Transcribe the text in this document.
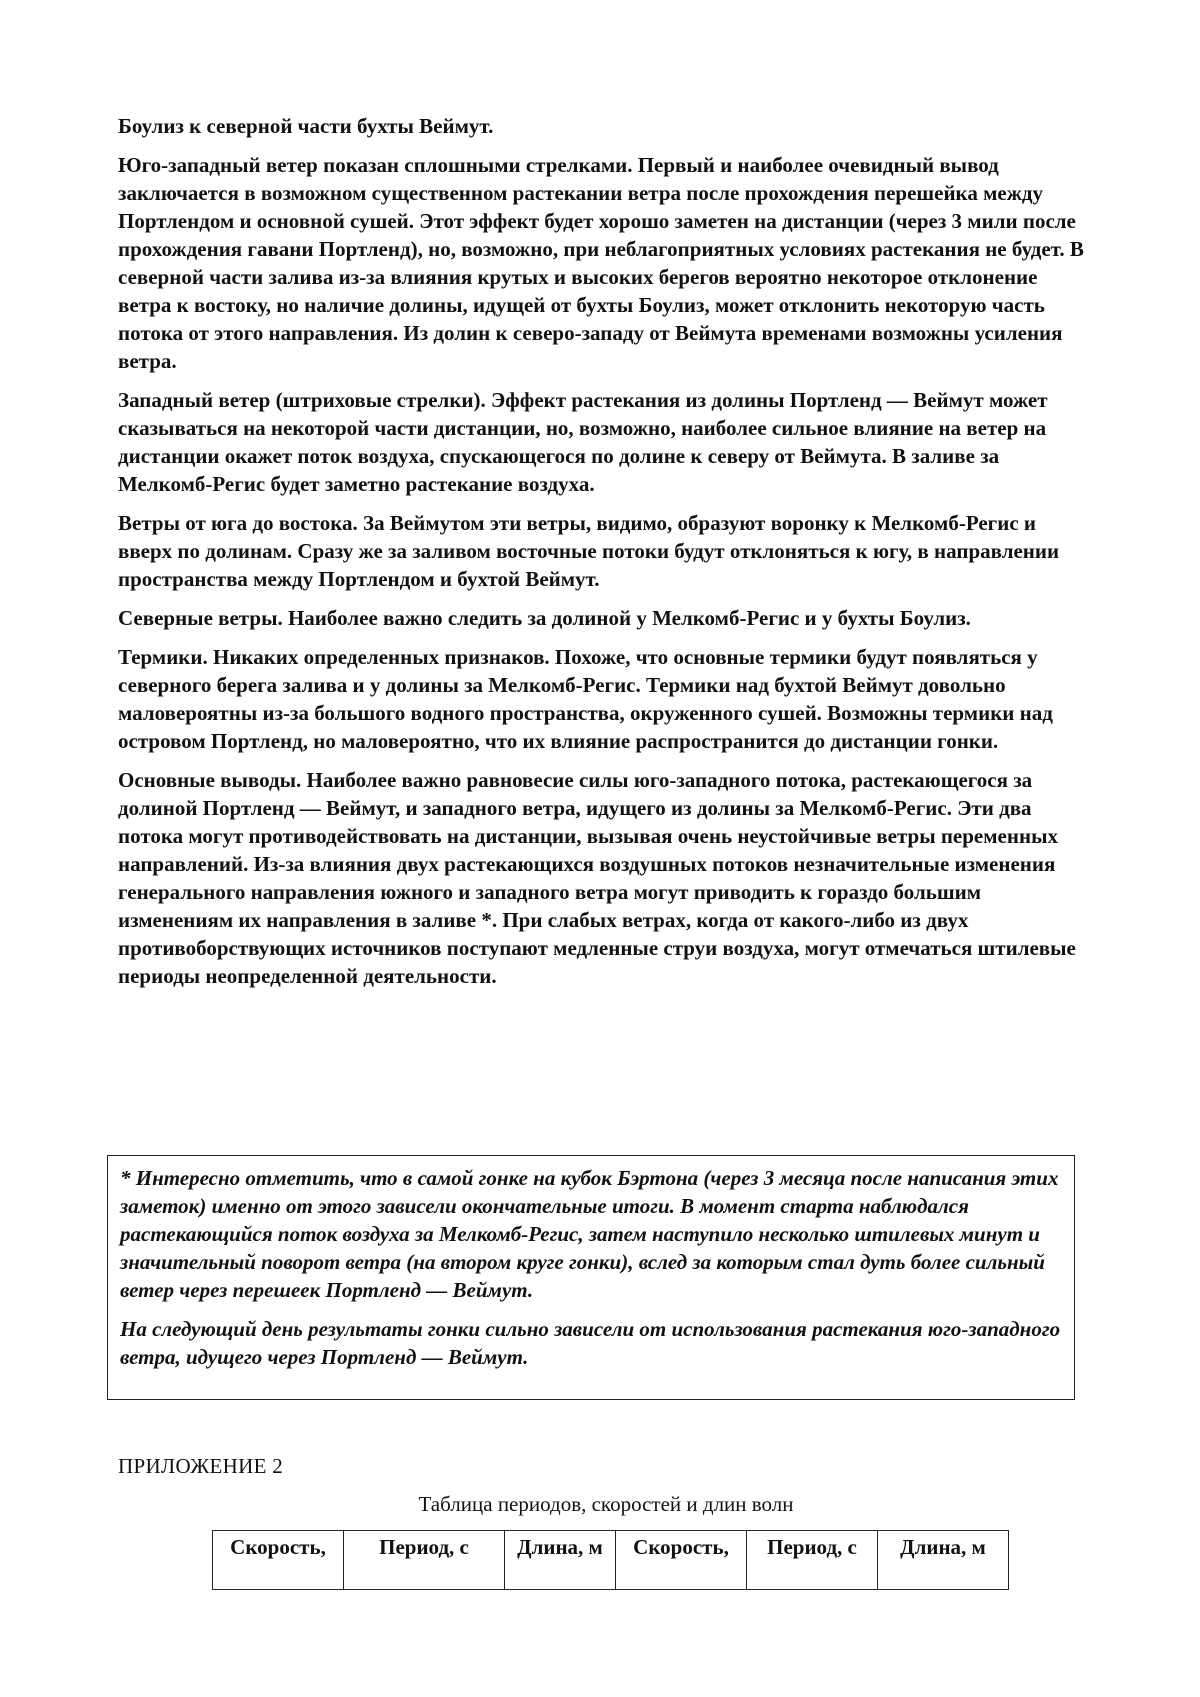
Боулиз к северной части бухты Веймут.

Юго-западный ветер показан сплошными стрелками. Первый и наиболее очевидный вывод заключается в возможном существенном растекании ветра после прохождения перешейка между Портлендом и основной сушей. Этот эффект будет хорошо заметен на дистанции (через 3 мили после прохождения гавани Портленд), но, возможно, при неблагоприятных условиях растекания не будет. В северной части залива из-за влияния крутых и высоких берегов вероятно некоторое отклонение ветра к востоку, но наличие долины, идущей от бухты Боулиз, может отклонить некоторую часть потока от этого направления. Из долин к северо-западу от Веймута временами возможны усиления ветра.

Западный ветер (штриховые стрелки). Эффект растекания из долины Портленд — Веймут может сказываться на некоторой части дистанции, но, возможно, наиболее сильное влияние на ветер на дистанции окажет поток воздуха, спускающегося по долине к северу от Веймута. В заливе за Мелкомб-Регис будет заметно растекание воздуха.

Ветры от юга до востока. За Веймутом эти ветры, видимо, образуют воронку к Мелкомб-Регис и вверх по долинам. Сразу же за заливом восточные потоки будут отклоняться к югу, в направлении пространства между Портлендом и бухтой Веймут.

Северные ветры. Наиболее важно следить за долиной у Мелкомб-Регис и у бухты Боулиз.

Термики. Никаких определенных признаков. Похоже, что основные термики будут появляться у северного берега залива и у долины за Мелкомб-Регис. Термики над бухтой Веймут довольно маловероятны из-за большого водного пространства, окруженного сушей. Возможны термики над островом Портленд, но маловероятно, что их влияние распространится до дистанции гонки.

Основные выводы. Наиболее важно равновесие силы юго-западного потока, растекающегося за долиной Портленд — Веймут, и западного ветра, идущего из долины за Мелкомб-Регис. Эти два потока могут противодействовать на дистанции, вызывая очень неустойчивые ветры переменных направлений. Из-за влияния двух растекающихся воздушных потоков незначительные изменения генерального направления южного и западного ветра могут приводить к гораздо большим изменениям их направления в заливе *. При слабых ветрах, когда от какого-либо из двух противоборствующих источников поступают медленные струи воздуха, могут отмечаться штилевые периоды неопределенной деятельности.

* Интересно отметить, что в самой гонке на кубок Бэртона (через 3 месяца после написания этих заметок) именно от этого зависели окончательные итоги. В момент старта наблюдался растекающийся поток воздуха за Мелкомб-Регис, затем наступило несколько штилевых минут и значительный поворот ветра (на втором круге гонки), вслед за которым стал дуть более сильный ветер через перешеек Портленд — Веймут.

На следующий день результаты гонки сильно зависели от использования растекания юго-западного ветра, идущего через Портленд — Веймут.

ПРИЛОЖЕНИЕ 2
Таблица периодов, скоростей и длин волн
Скорость,	Период, с	Длина, м	Скорость,	Период, с	Длина, м
